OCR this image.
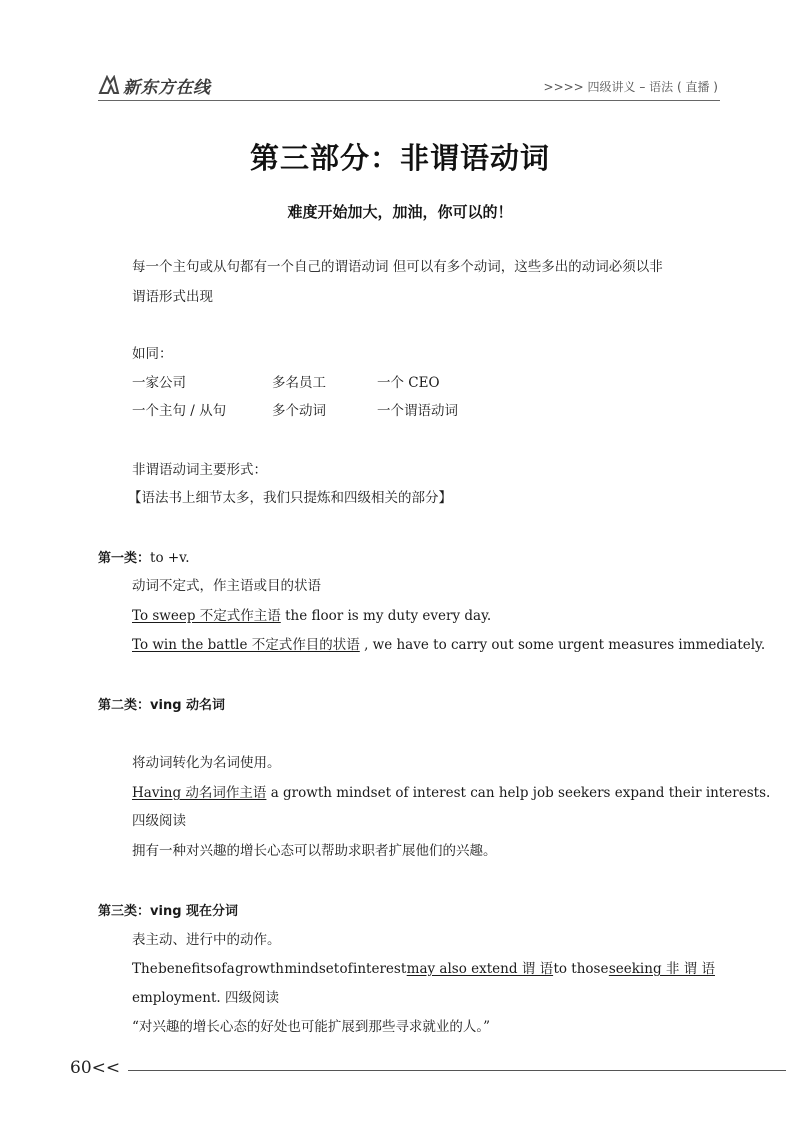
新东方在线	>>>> 四级讲义 – 语法 ( 直播 )
第三部分：非谓语动词
难度开始加大，加油，你可以的！
每一个主句或从句都有一个自己的谓语动词 但可以有多个动词，这些多出的动词必须以非
谓语形式出现
如同：
一家公司	多名员工	一个 CEO
一个主句 / 从句	多个动词	一个谓语动词
非谓语动词主要形式：
【语法书上细节太多，我们只提炼和四级相关的部分】
第一类：to +v.
动词不定式，作主语或目的状语
To sweep 不定式作主语 the floor is my duty every day.
To win the battle 不定式作目的状语 , we have to carry out some urgent measures immediately.
第二类：ving 动名词
将动词转化为名词使用。
Having 动名词作主语 a growth mindset of interest can help job seekers expand their interests.
四级阅读
拥有一种对兴趣的增长心态可以帮助求职者扩展他们的兴趣。
第三类：ving 现在分词
表主动、进行中的动作。
The benefits of a growth mindset of interest may also extend 谓 语 to those seeking 非 谓 语
employment. 四级阅读
“对兴趣的增长心态的好处也可能扩展到那些寻求就业的人。”
60<<
